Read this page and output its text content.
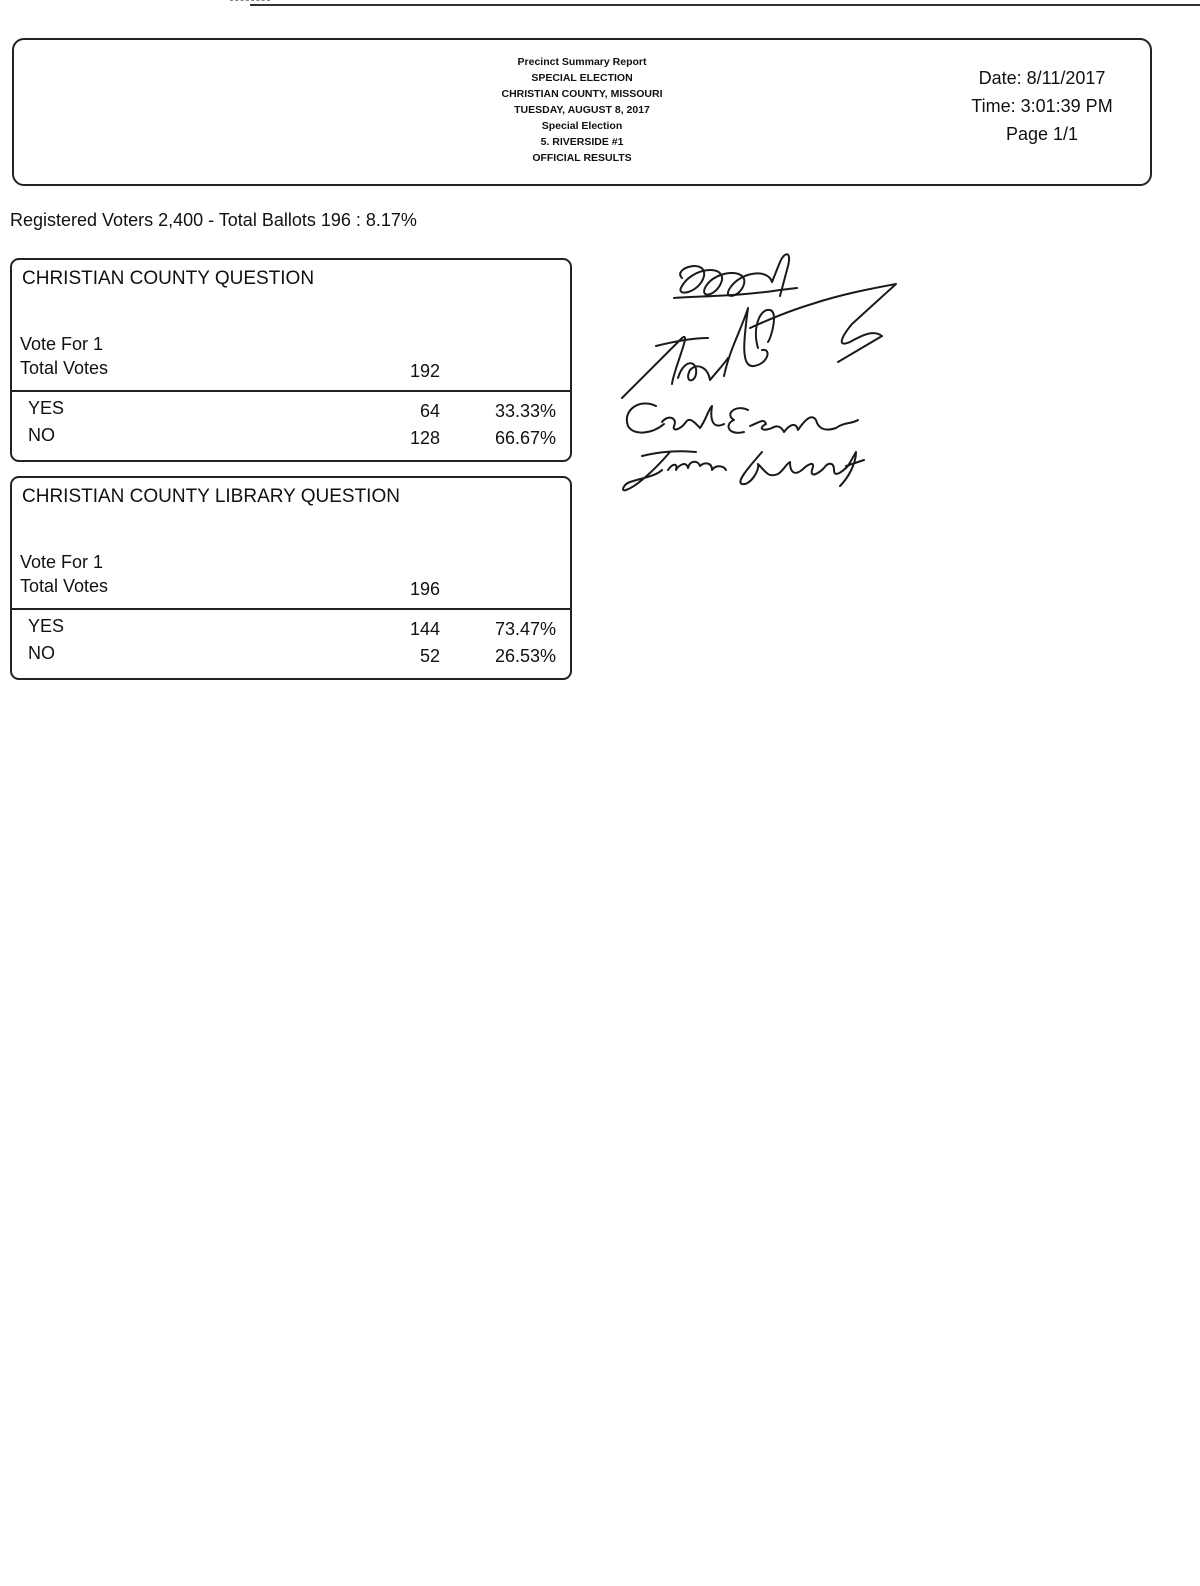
Precinct Summary Report
SPECIAL ELECTION
CHRISTIAN COUNTY, MISSOURI
TUESDAY, AUGUST 8, 2017
Special Election
5. RIVERSIDE #1
OFFICIAL RESULTS
Date: 8/11/2017
Time: 3:01:39 PM
Page 1/1
Registered Voters 2,400 - Total Ballots 196 : 8.17%
CHRISTIAN COUNTY QUESTION
Vote For 1
Total Votes	192
YES	64	33.33%
NO	128	66.67%
CHRISTIAN COUNTY LIBRARY QUESTION
Vote For 1
Total Votes	196
YES	144	73.47%
NO	52	26.53%
